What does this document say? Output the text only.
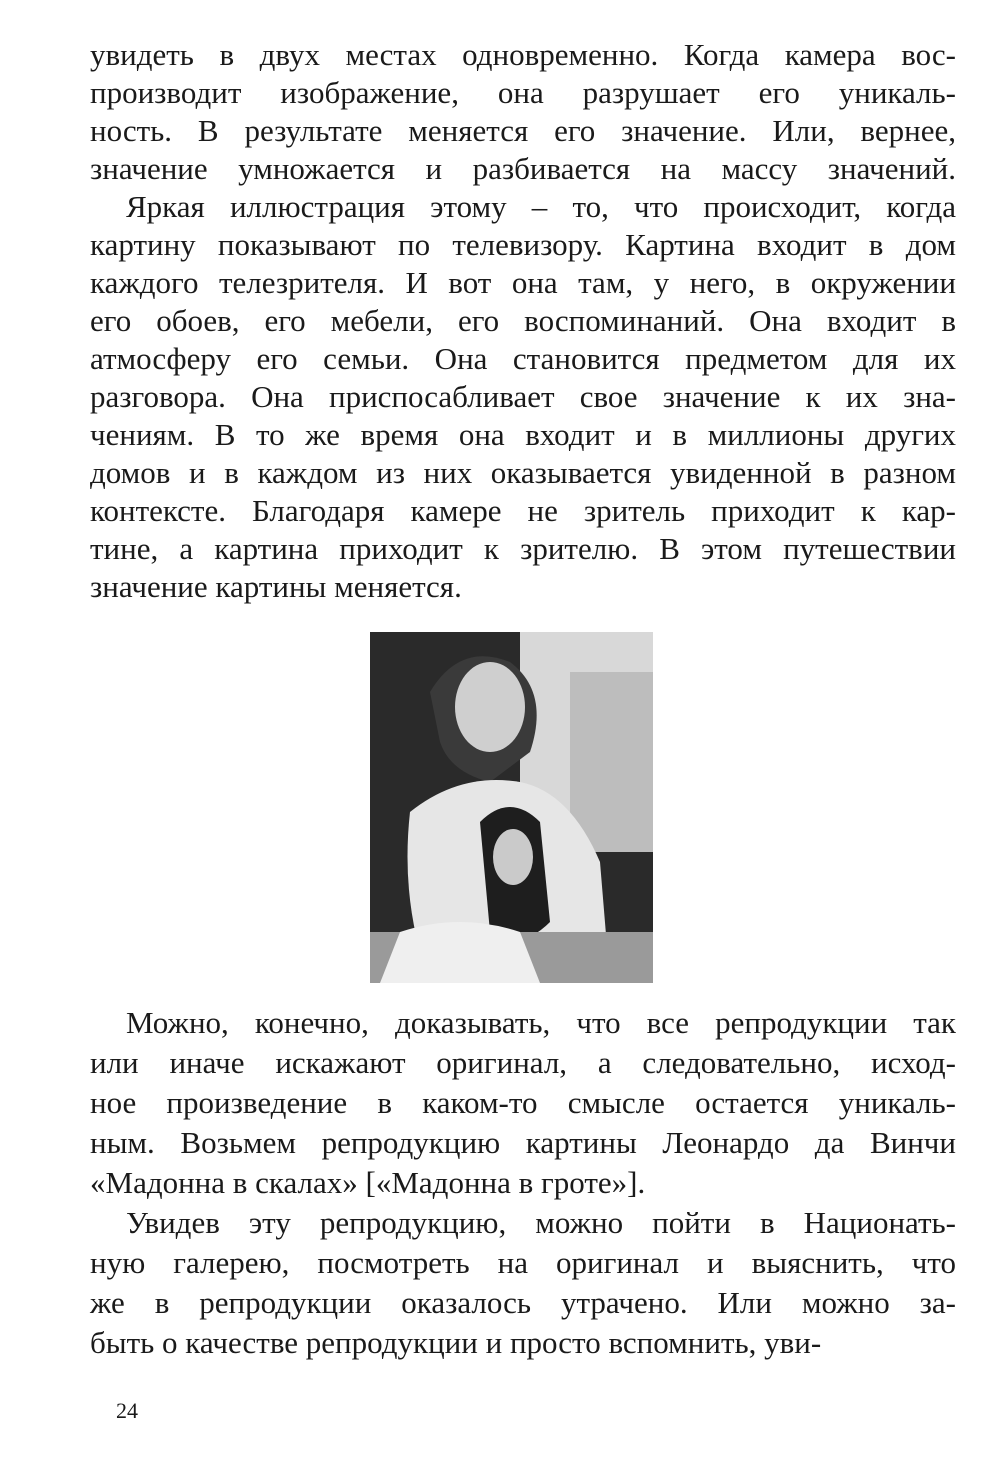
увидеть в двух местах одновременно. Когда камера вос-
производит изображение, она разрушает его уникаль-
ность. В результате меняется его значение. Или, вернее,
значение умножается и разбивается на массу значений.
Яркая иллюстрация этому – то, что происходит, когда
картину показывают по телевизору. Картина входит в дом
каждого телезрителя. И вот она там, у него, в окружении
его обоев, его мебели, его воспоминаний. Она входит в
атмосферу его семьи. Она становится предметом для их
разговора. Она приспосабливает свое значение к их зна-
чениям. В то же время она входит и в миллионы других
домов и в каждом из них оказывается увиденной в разном
контексте. Благодаря камере не зритель приходит к кар-
тине, а картина приходит к зрителю. В этом путешествии
значение картины меняется.
Можно, конечно, доказывать, что все репродукции так
или иначе искажают оригинал, а следовательно, исход-
ное произведение в каком-то смысле остается уникаль-
ным. Возьмем репродукцию картины Леонардо да Винчи
«Мадонна в скалах» [«Мадонна в гроте»].
Увидев эту репродукцию, можно пойти в Национать-
ную галерею, посмотреть на оригинал и выяснить, что
же в репродукции оказалось утрачено. Или можно за-
быть о качестве репродукции и просто вспомнить, уви-
24
